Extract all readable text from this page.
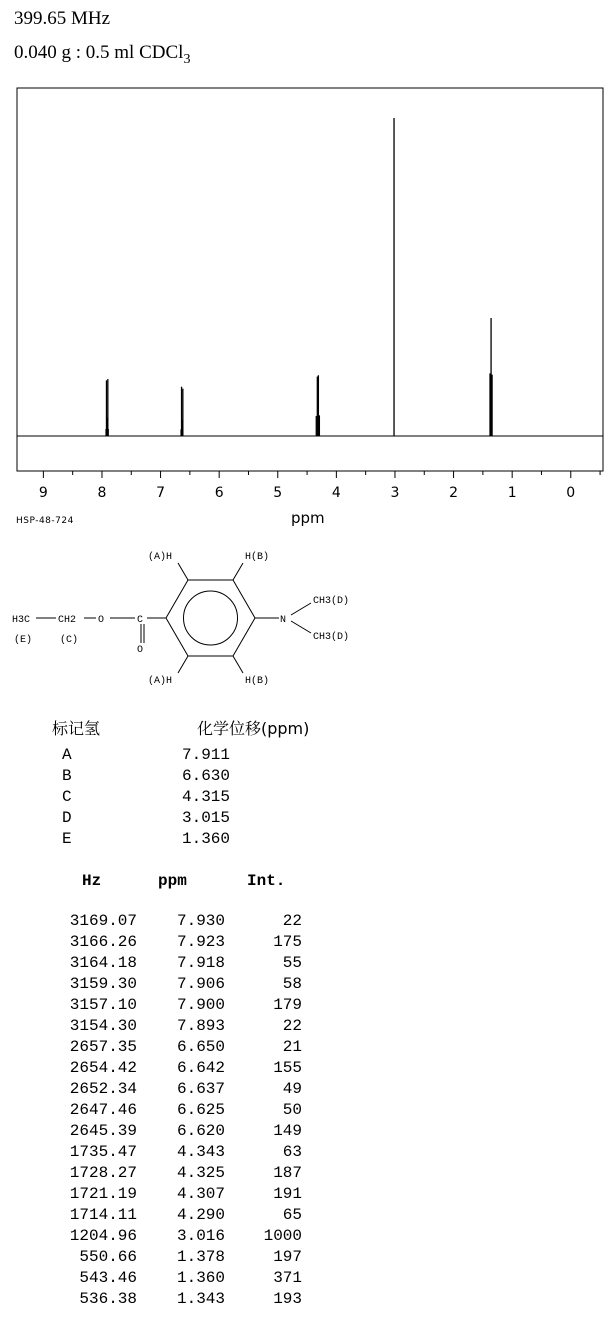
399.65 MHz
0.040 g : 0.5 ml CDCl$_3$
9	8	7	6	5	4	3	2	1	0
HSP-48-724	ppm
(A)H	H(B)
(A)H	H(B)
N
CH3(D)
CH3(D)
C
O
O
CH2
H3C
(E)	(C)
标记氢	化学位移(ppm)
A	7.911
B	6.630
C	4.315
D	3.015
E	1.360
Hz	ppm	Int.
3169.07 7.930	22
3166.26 7.923	175
3164.18 7.918	55
3159.30 7.906	58
3157.10 7.900	179
3154.30 7.893	22
2657.35 6.650	21
2654.42 6.642	155
2652.34 6.637	49
2647.46 6.625	50
2645.39 6.620	149
1735.47 4.343	63
1728.27 4.325	187
1721.19 4.307	191
1714.11 4.290	65
1204.96 3.016 1000
550.66 1.378	197
543.46 1.360	371
536.38 1.343	193
